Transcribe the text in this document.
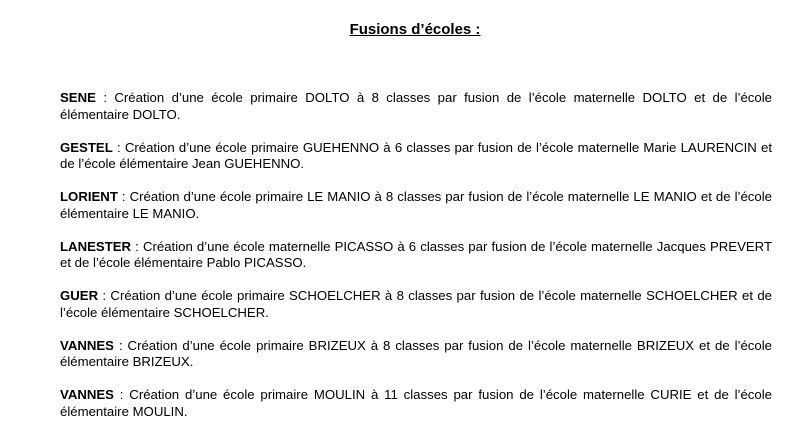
Fusions d’écoles :

SENE : Création d’une école primaire DOLTO à 8 classes par fusion de l’école maternelle DOLTO et de l’école élémentaire DOLTO.

GESTEL : Création d’une école primaire GUEHENNO à 6 classes par fusion de l’école maternelle Marie LAURENCIN et de l’école élémentaire Jean GUEHENNO.

LORIENT : Création d’une école primaire LE MANIO à 8 classes par fusion de l’école maternelle LE MANIO et de l’école élémentaire LE MANIO.

LANESTER : Création d’une école maternelle PICASSO à 6 classes par fusion de l’école maternelle Jacques PREVERT et de l’école élémentaire Pablo PICASSO.

GUER : Création d’une école primaire SCHOELCHER à 8 classes par fusion de l’école maternelle SCHOELCHER et de l’école élémentaire SCHOELCHER.

VANNES : Création d’une école primaire BRIZEUX à 8 classes par fusion de l’école maternelle BRIZEUX et de l’école élémentaire BRIZEUX.

VANNES : Création d’une école primaire MOULIN à 11 classes par fusion de l’école maternelle CURIE et de l’école élémentaire MOULIN.
